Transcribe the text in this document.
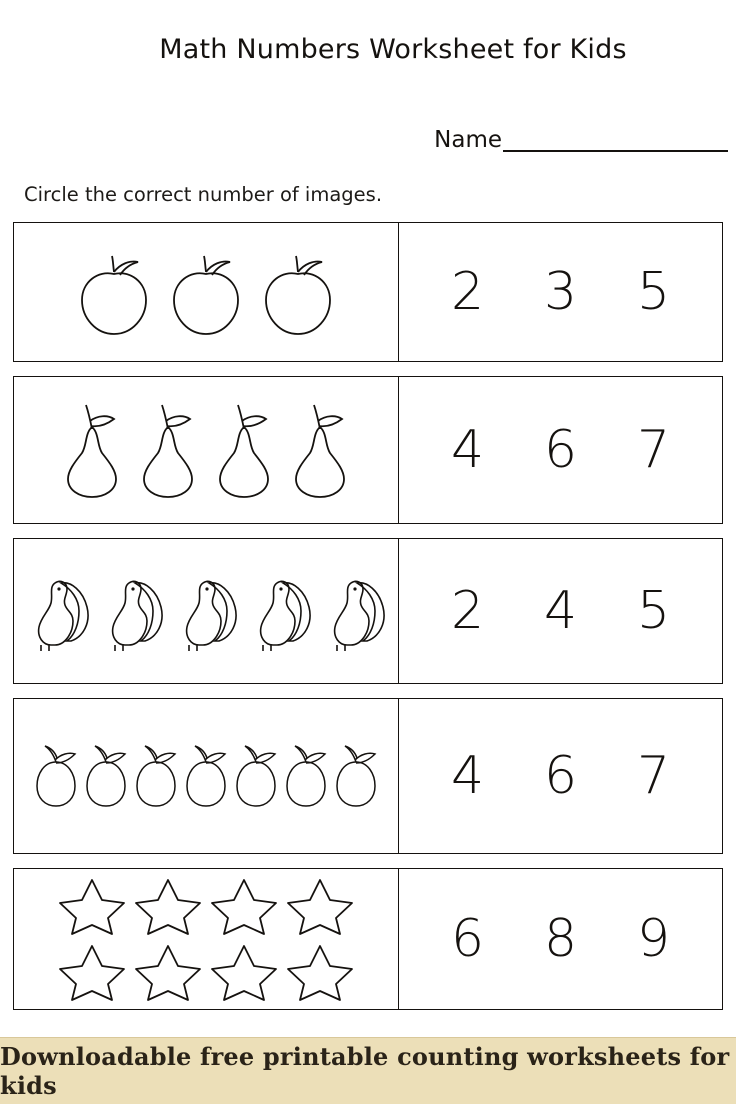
Math Numbers Worksheet for Kids
Name
Circle the correct number of images.
2 3 5
4 6 7
2 4 5
4 6 7
6 8 9
Downloadable free printable counting worksheets for kids
